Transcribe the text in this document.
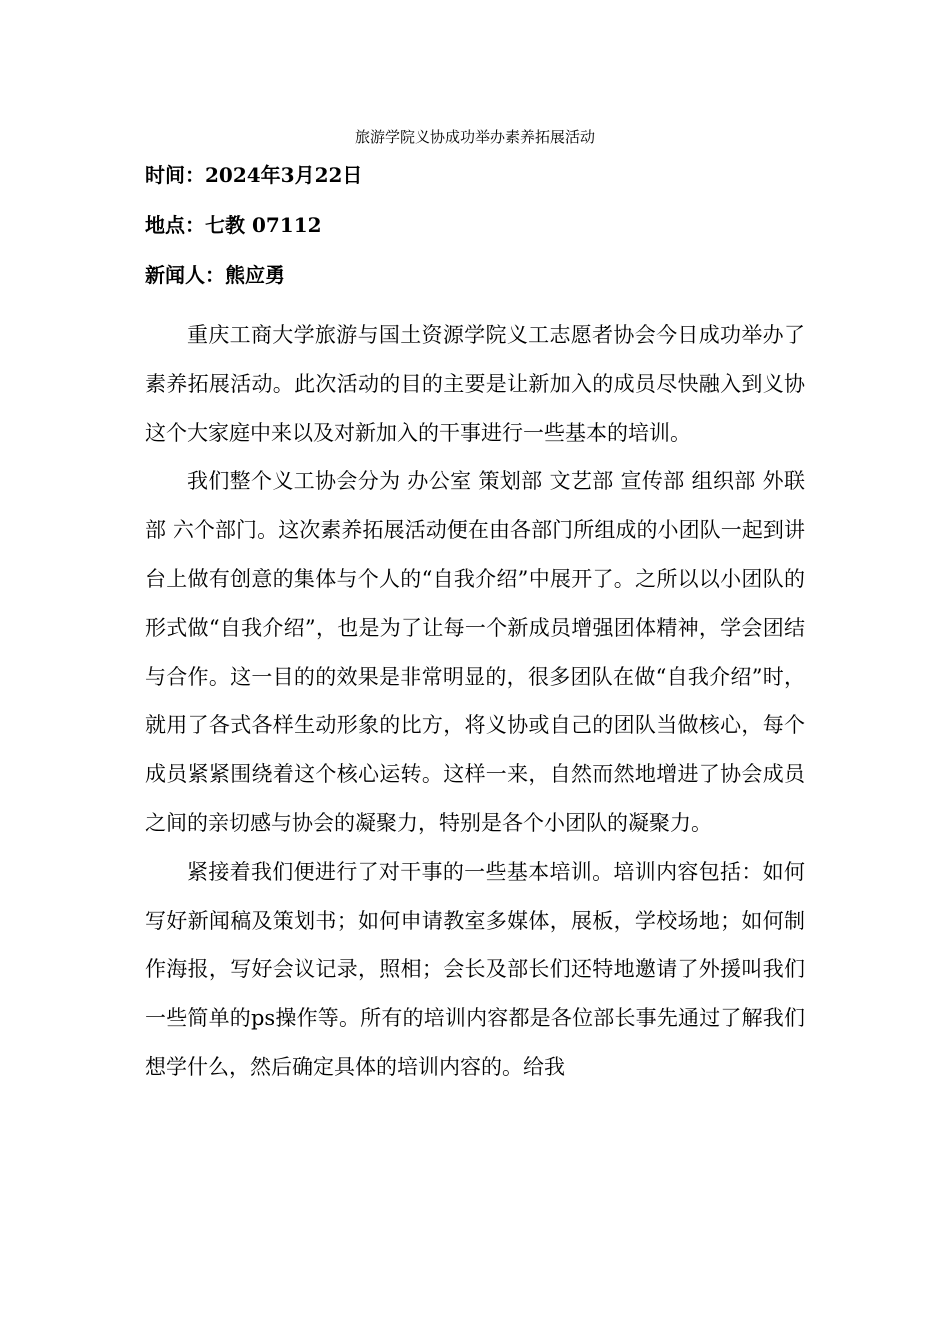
旅游学院义协成功举办素养拓展活动

时间：2024年3月22日

地点：七教 07112

新闻人：熊应勇

重庆工商大学旅游与国土资源学院义工志愿者协会今日成功举办了素养拓展活动。此次活动的目的主要是让新加入的成员尽快融入到义协这个大家庭中来以及对新加入的干事进行一些基本的培训。

我们整个义工协会分为 办公室 策划部 文艺部 宣传部 组织部 外联部 六个部门。这次素养拓展活动便在由各部门所组成的小团队一起到讲台上做有创意的集体与个人的“自我介绍”中展开了。之所以以小团队的形式做“自我介绍”，也是为了让每一个新成员增强团体精神，学会团结与合作。这一目的的效果是非常明显的，很多团队在做“自我介绍”时，就用了各式各样生动形象的比方，将义协或自己的团队当做核心，每个成员紧紧围绕着这个核心运转。这样一来，自然而然地增进了协会成员之间的亲切感与协会的凝聚力，特别是各个小团队的凝聚力。

紧接着我们便进行了对干事的一些基本培训。培训内容包括：如何写好新闻稿及策划书；如何申请教室多媒体，展板，学校场地；如何制作海报，写好会议记录，照相；会长及部长们还特地邀请了外援叫我们一些简单的ps操作等。所有的培训内容都是各位部长事先通过了解我们想学什么，然后确定具体的培训内容的。给我
